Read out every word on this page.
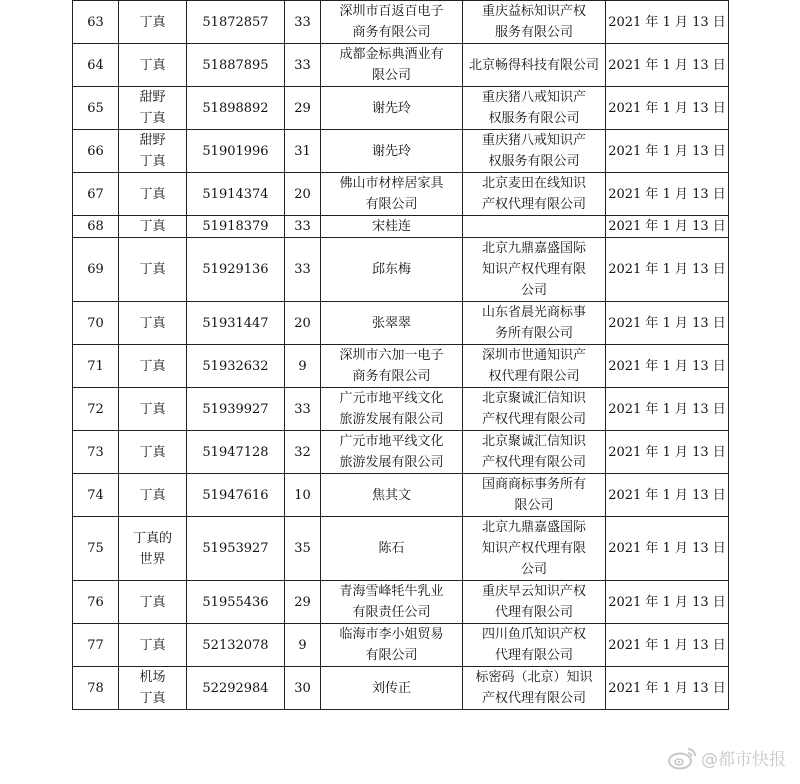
63	丁真	51872857	33	深圳市百返百电子
商务有限公司	重庆益标知识产权
服务有限公司	2021 年 1 月 13 日
64	丁真	51887895	33	成都金标典酒业有
限公司	北京畅得科技有限公司	2021 年 1 月 13 日
65	甜野
丁真	51898892	29	谢先玲	重庆猪八戒知识产
权服务有限公司	2021 年 1 月 13 日
66	甜野
丁真	51901996	31	谢先玲	重庆猪八戒知识产
权服务有限公司	2021 年 1 月 13 日
67	丁真	51914374	20	佛山市材梓居家具
有限公司	北京麦田在线知识
产权代理有限公司	2021 年 1 月 13 日
68	丁真	51918379	33	宋桂连		2021 年 1 月 13 日
69	丁真	51929136	33	邱东梅	北京九鼎嘉盛国际
知识产权代理有限
公司	2021 年 1 月 13 日
70	丁真	51931447	20	张翠翠	山东省晨光商标事
务所有限公司	2021 年 1 月 13 日
71	丁真	51932632	9	深圳市六加一电子
商务有限公司	深圳市世通知识产
权代理有限公司	2021 年 1 月 13 日
72	丁真	51939927	33	广元市地平线文化
旅游发展有限公司	北京聚诚汇信知识
产权代理有限公司	2021 年 1 月 13 日
73	丁真	51947128	32	广元市地平线文化
旅游发展有限公司	北京聚诚汇信知识
产权代理有限公司	2021 年 1 月 13 日
74	丁真	51947616	10	焦其文	国商商标事务所有
限公司	2021 年 1 月 13 日
75	丁真的
世界	51953927	35	陈石	北京九鼎嘉盛国际
知识产权代理有限
公司	2021 年 1 月 13 日
76	丁真	51955436	29	青海雪峰牦牛乳业
有限责任公司	重庆早云知识产权
代理有限公司	2021 年 1 月 13 日
77	丁真	52132078	9	临海市李小姐贸易
有限公司	四川鱼爪知识产权
代理有限公司	2021 年 1 月 13 日
78	机场
丁真	52292984	30	刘传正	标密码（北京）知识
产权代理有限公司	2021 年 1 月 13 日
@都市快报
